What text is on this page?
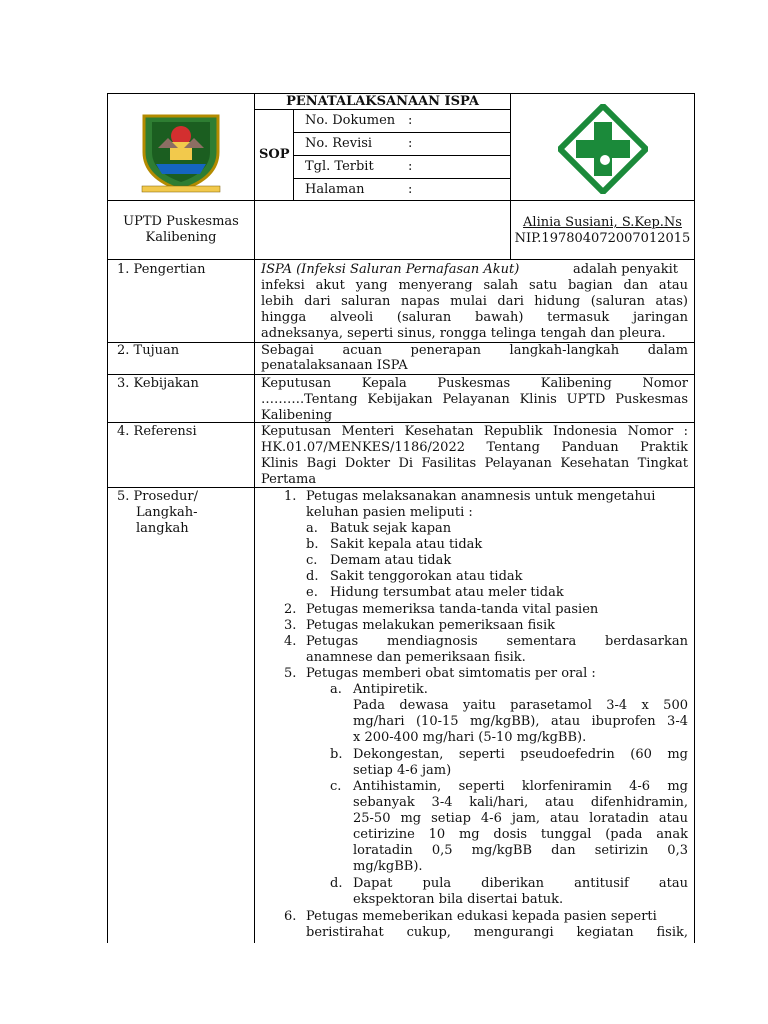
PENATALAKSANAAN ISPA
SOP
No. Dokumen :
No. Revisi	:
Tgl. Terbit	:
Halaman	:
UPTD Puskesmas
Kalibening
Alinia Susiani, S.Kep.Ns
NIP.197804072007012015
1. Pengertian	ISPA (Infeksi Saluran Pernafasan Akut)	adalah penyakit
infeksi akut yang menyerang salah satu bagian dan atau
lebih dari saluran napas mulai dari hidung (saluran atas)
hingga alveoli (saluran bawah) termasuk jaringan
adneksanya, seperti sinus, rongga telinga tengah dan pleura.
2. Tujuan	Sebagai acuan penerapan langkah-langkah dalam
penatalaksanaan ISPA
3. Kebijakan	Keputusan Kepala Puskesmas Kalibening Nomor
……….Tentang Kebijakan Pelayanan Klinis UPTD Puskesmas
Kalibening
4. Referensi	Keputusan Menteri Kesehatan Republik Indonesia Nomor :
HK.01.07/MENKES/1186/2022 Tentang Panduan Praktik
Klinis Bagi Dokter Di Fasilitas Pelayanan Kesehatan Tingkat
Pertama
5. Prosedur/
Langkah-
langkah
1. Petugas melaksanakan anamnesis untuk mengetahui
keluhan pasien meliputi :
a. Batuk sejak kapan
b. Sakit kepala atau tidak
c. Demam atau tidak
d. Sakit tenggorokan atau tidak
e. Hidung tersumbat atau meler tidak
2. Petugas memeriksa tanda-tanda vital pasien
3. Petugas melakukan pemeriksaan fisik
4. Petugas mendiagnosis sementara berdasarkan
anamnese dan pemeriksaan fisik.
5. Petugas memberi obat simtomatis per oral :
a. Antipiretik.
Pada dewasa yaitu parasetamol 3-4 x 500
mg/hari (10-15 mg/kgBB), atau ibuprofen 3-4
x 200-400 mg/hari (5-10 mg/kgBB).
b. Dekongestan, seperti pseudoefedrin (60 mg
setiap 4-6 jam)
c. Antihistamin, seperti klorfeniramin 4-6 mg
sebanyak 3-4 kali/hari, atau difenhidramin,
25-50 mg setiap 4-6 jam, atau loratadin atau
cetirizine 10 mg dosis tunggal (pada anak
loratadin 0,5 mg/kgBB dan setirizin 0,3
mg/kgBB).
d. Dapat pula diberikan antitusif atau
ekspektoran bila disertai batuk.
6. Petugas memeberikan edukasi kepada pasien seperti
beristirahat cukup, mengurangi kegiatan fisik,
